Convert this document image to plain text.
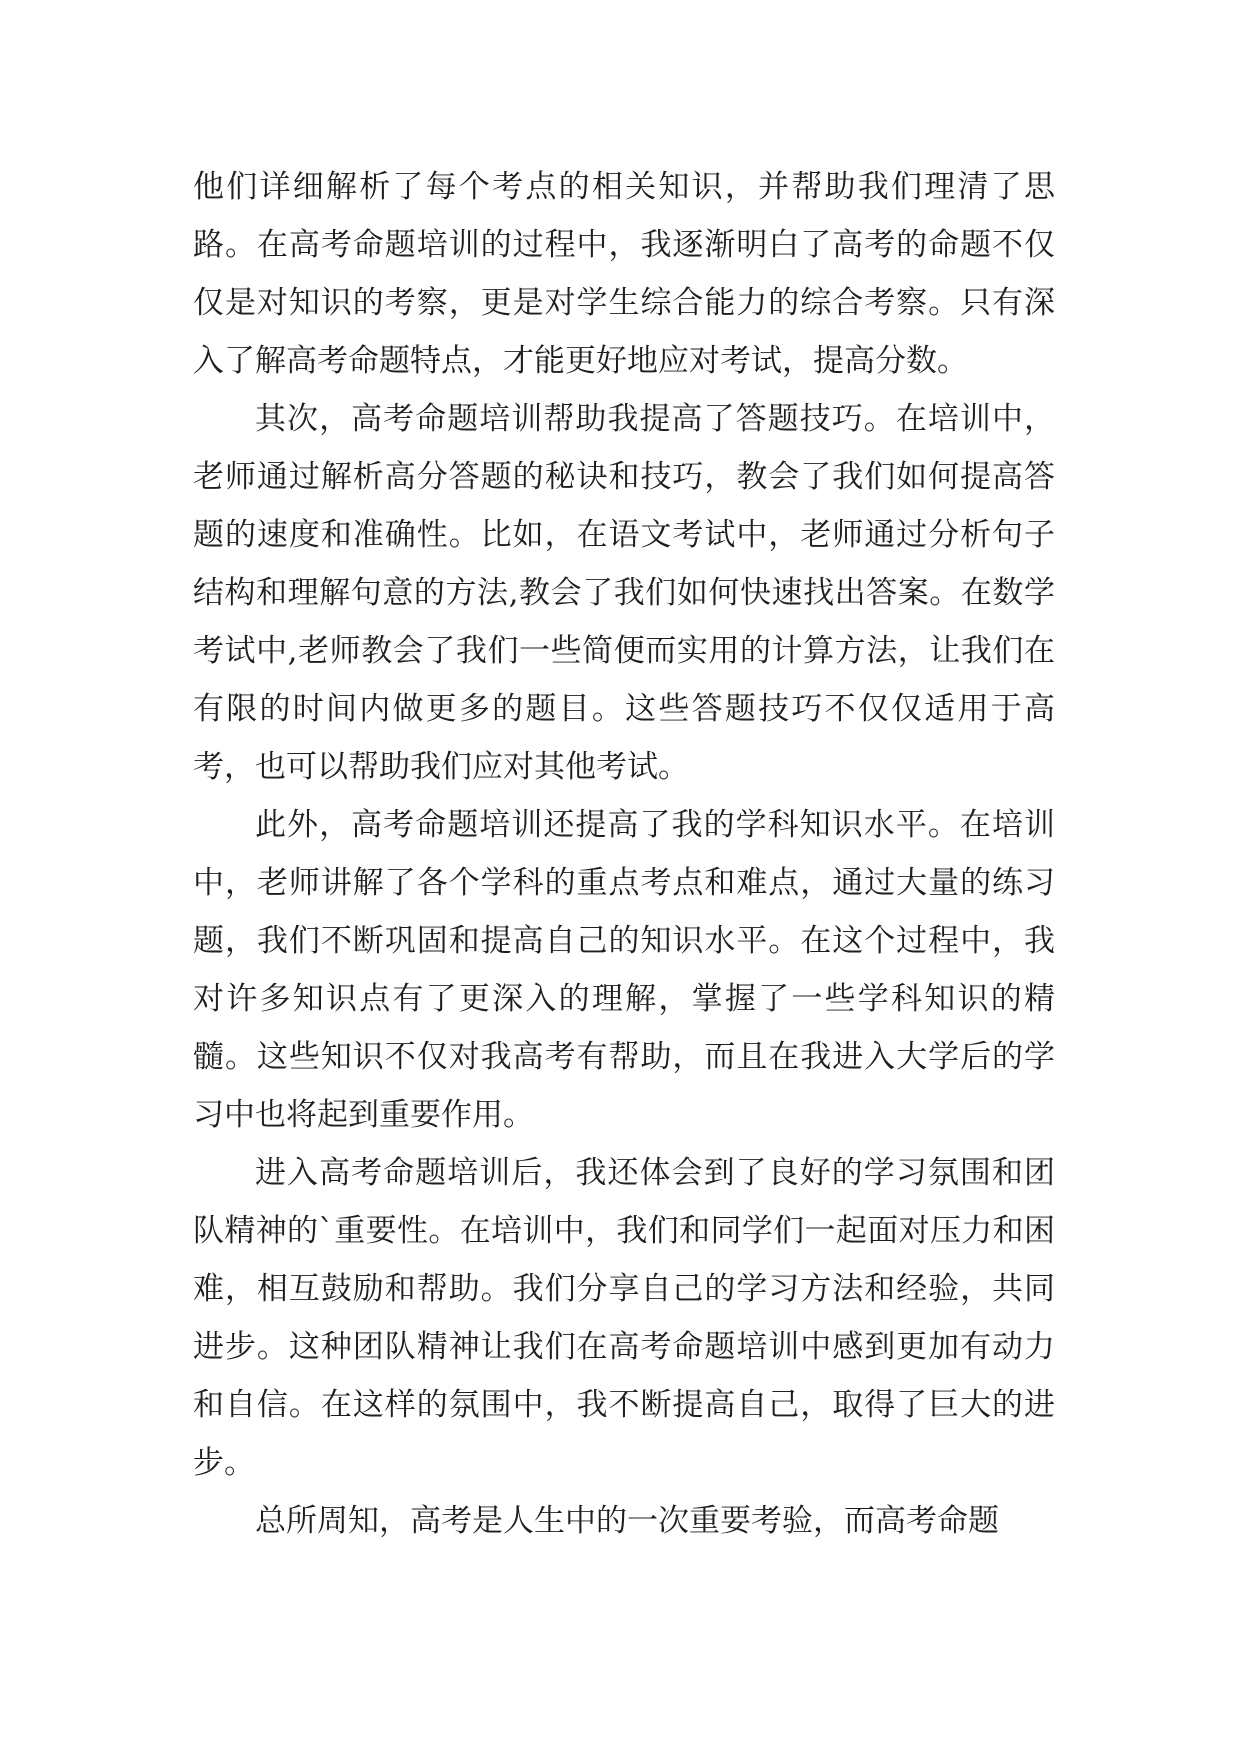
他们详细解析了每个考点的相关知识，并帮助我们理清了思路。在高考命题培训的过程中，我逐渐明白了高考的命题不仅仅是对知识的考察，更是对学生综合能力的综合考察。只有深入了解高考命题特点，才能更好地应对考试，提高分数。

其次，高考命题培训帮助我提高了答题技巧。在培训中，老师通过解析高分答题的秘诀和技巧，教会了我们如何提高答题的速度和准确性。比如，在语文考试中，老师通过分析句子结构和理解句意的方法,教会了我们如何快速找出答案。在数学考试中,老师教会了我们一些简便而实用的计算方法，让我们在有限的时间内做更多的题目。这些答题技巧不仅仅适用于高考，也可以帮助我们应对其他考试。

此外，高考命题培训还提高了我的学科知识水平。在培训中，老师讲解了各个学科的重点考点和难点，通过大量的练习题，我们不断巩固和提高自己的知识水平。在这个过程中，我对许多知识点有了更深入的理解，掌握了一些学科知识的精髓。这些知识不仅对我高考有帮助，而且在我进入大学后的学习中也将起到重要作用。

进入高考命题培训后，我还体会到了良好的学习氛围和团队精神的`重要性。在培训中，我们和同学们一起面对压力和困难，相互鼓励和帮助。我们分享自己的学习方法和经验，共同进步。这种团队精神让我们在高考命题培训中感到更加有动力和自信。在这样的氛围中，我不断提高自己，取得了巨大的进步。

总所周知，高考是人生中的一次重要考验，而高考命题
